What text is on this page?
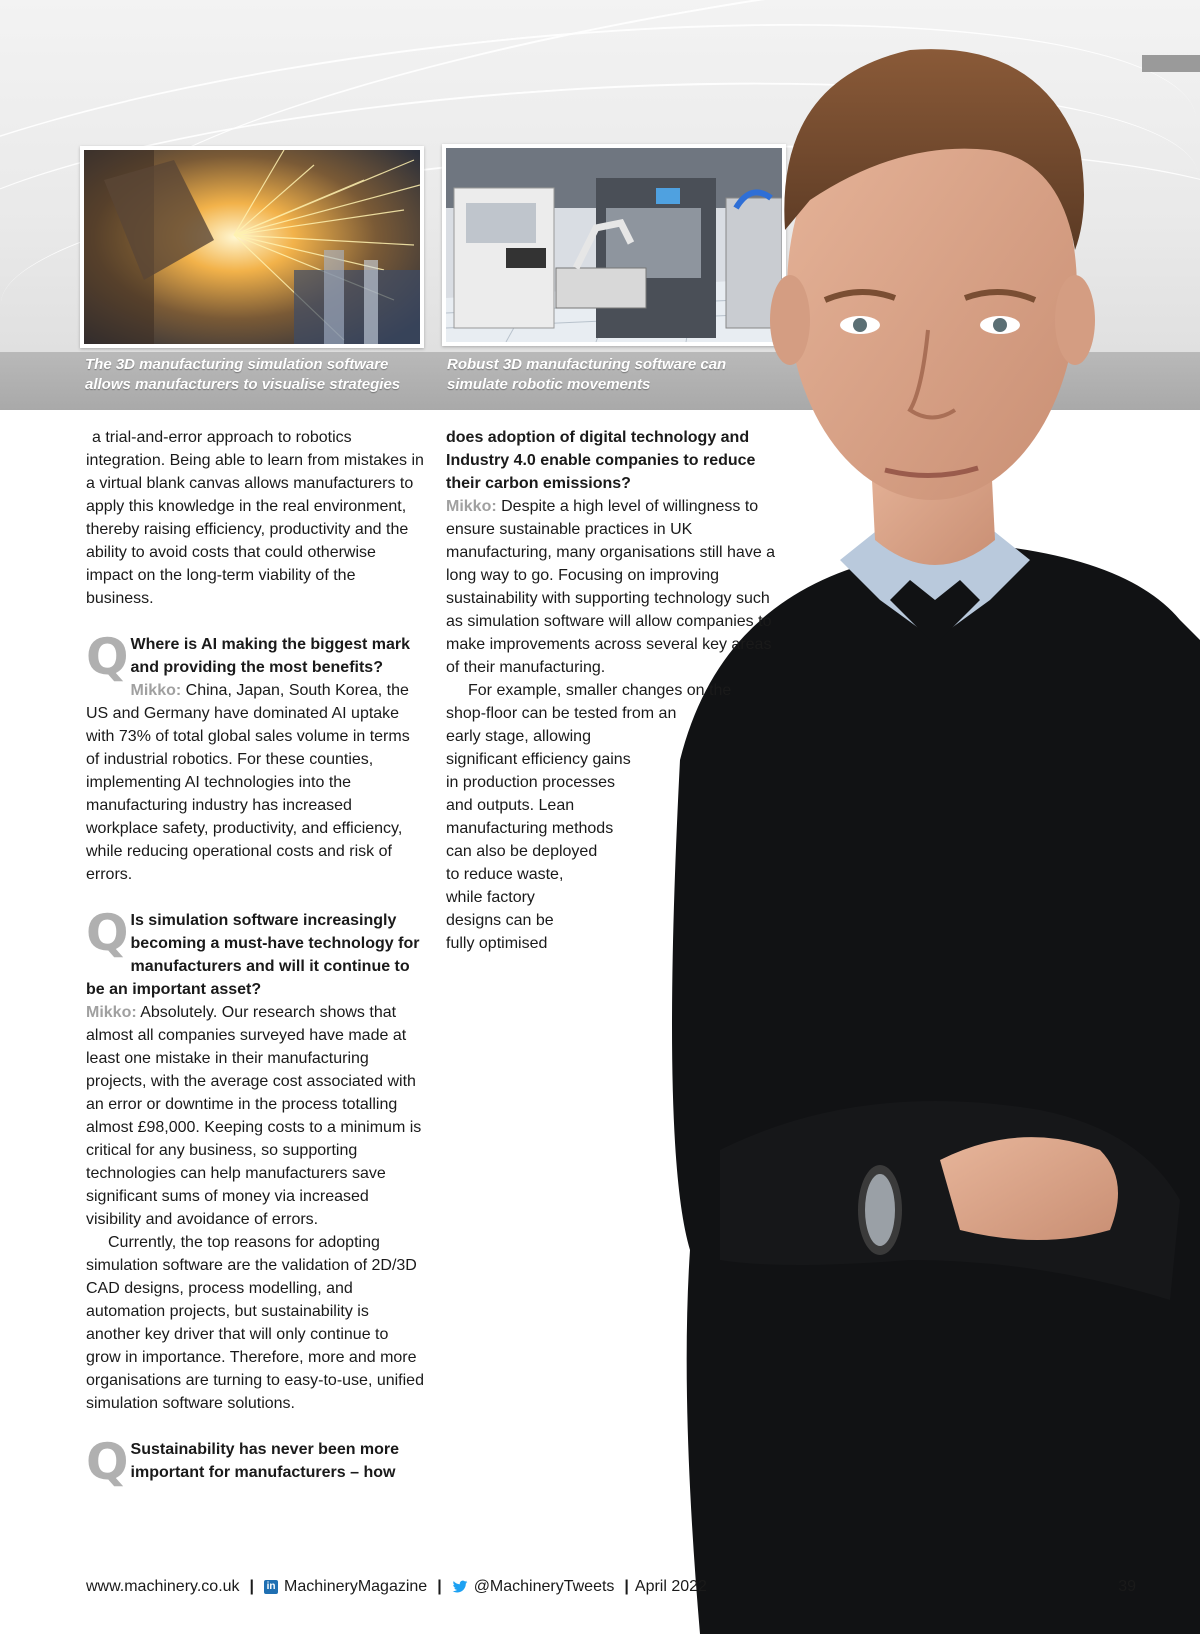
The 3D manufacturing simulation software allows manufacturers to visualise strategies
Robust 3D manufacturing software can simulate robotic movements

a trial-and-error approach to robotics integration. Being able to learn from mistakes in a virtual blank canvas allows manufacturers to apply this knowledge in the real environment, thereby raising efficiency, productivity and the ability to avoid costs that could otherwise impact on the long-term viability of the business.

Q Where is AI making the biggest mark and providing the most benefits?

Mikko: China, Japan, South Korea, the US and Germany have dominated AI uptake with 73% of total global sales volume in terms of industrial robotics. For these counties, implementing AI technologies into the manufacturing industry has increased workplace safety, productivity, and efficiency, while reducing operational costs and risk of errors.

Q Is simulation software increasingly becoming a must-have technology for manufacturers and will it continue to be an important asset?

Mikko: Absolutely. Our research shows that almost all companies surveyed have made at least one mistake in their manufacturing projects, with the average cost associated with an error or downtime in the process totalling almost £98,000. Keeping costs to a minimum is critical for any business, so supporting technologies can help manufacturers save significant sums of money via increased visibility and avoidance of errors.

Currently, the top reasons for adopting simulation software are the validation of 2D/3D CAD designs, process modelling, and automation projects, but sustainability is another key driver that will only continue to grow in importance. Therefore, more and more organisations are turning to easy-to-use, unified simulation software solutions.

Q Sustainability has never been more important for manufacturers – how

does adoption of digital technology and Industry 4.0 enable companies to reduce their carbon emissions?

Mikko: Despite a high level of willingness to ensure sustainable practices in UK manufacturing, many organisations still have a long way to go. Focusing on improving sustainability with supporting technology such as simulation software will allow companies to make improvements across several key areas of their manufacturing.

For example, smaller changes on the
shop-floor can be tested from an
early stage, allowing
significant efficiency gains
in production processes
and outputs. Lean
manufacturing methods
can also be deployed
to reduce waste,
while factory
designs can be
fully optimised
www.machinery.co.uk | in MachineryMagazine | @MachineryTweets | April 2022	39
